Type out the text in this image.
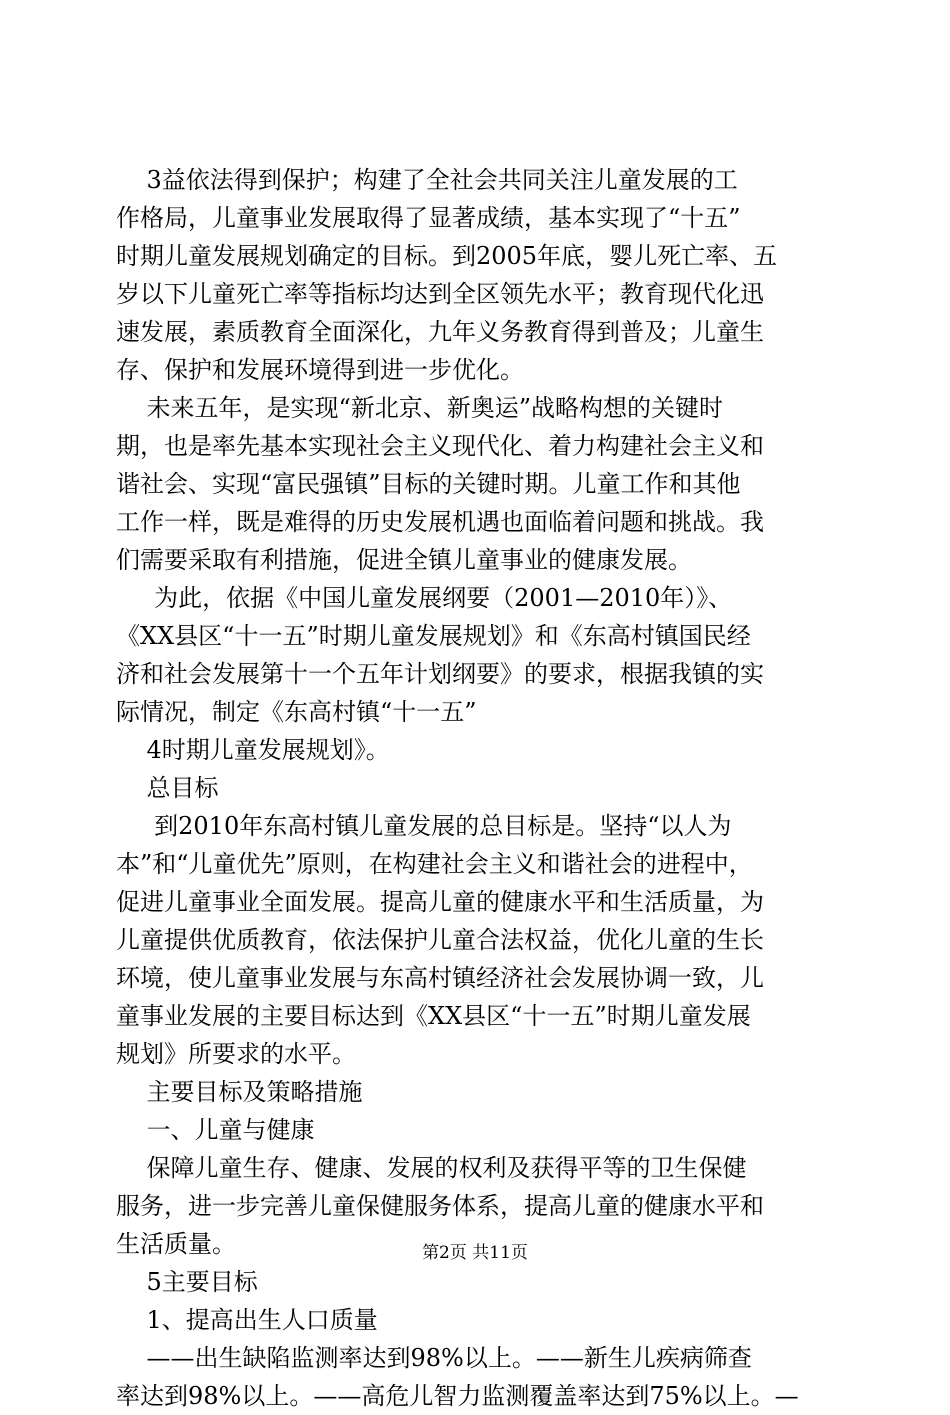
3益依法得到保护；构建了全社会共同关注儿童发展的工
作格局，儿童事业发展取得了显著成绩，基本实现了“十五”
时期儿童发展规划确定的目标。到2005年底，婴儿死亡率、五
岁以下儿童死亡率等指标均达到全区领先水平；教育现代化迅
速发展，素质教育全面深化，九年义务教育得到普及；儿童生
存、保护和发展环境得到进一步优化。
未来五年，是实现“新北京、新奥运”战略构想的关键时
期，也是率先基本实现社会主义现代化、着力构建社会主义和
谐社会、实现“富民强镇”目标的关键时期。儿童工作和其他
工作一样，既是难得的历史发展机遇也面临着问题和挑战。我
们需要采取有利措施，促进全镇儿童事业的健康发展。
为此，依据《中国儿童发展纲要（2001—2010年）》、
《XX县区“十一五”时期儿童发展规划》和《东高村镇国民经
济和社会发展第十一个五年计划纲要》的要求，根据我镇的实
际情况，制定《东高村镇“十一五”
4时期儿童发展规划》。
总目标
到2010年东高村镇儿童发展的总目标是。坚持“以人为
本”和“儿童优先”原则，在构建社会主义和谐社会的进程中，
促进儿童事业全面发展。提高儿童的健康水平和生活质量，为
儿童提供优质教育，依法保护儿童合法权益，优化儿童的生长
环境，使儿童事业发展与东高村镇经济社会发展协调一致，儿
童事业发展的主要目标达到《XX县区“十一五”时期儿童发展
规划》所要求的水平。
主要目标及策略措施
一、儿童与健康
保障儿童生存、健康、发展的权利及获得平等的卫生保健
服务，进一步完善儿童保健服务体系，提高儿童的健康水平和
生活质量。
5主要目标
1、提高出生人口质量
——出生缺陷监测率达到98%以上。——新生儿疾病筛查
率达到98%以上。——高危儿智力监测覆盖率达到75%以上。—
第2页 共11页
